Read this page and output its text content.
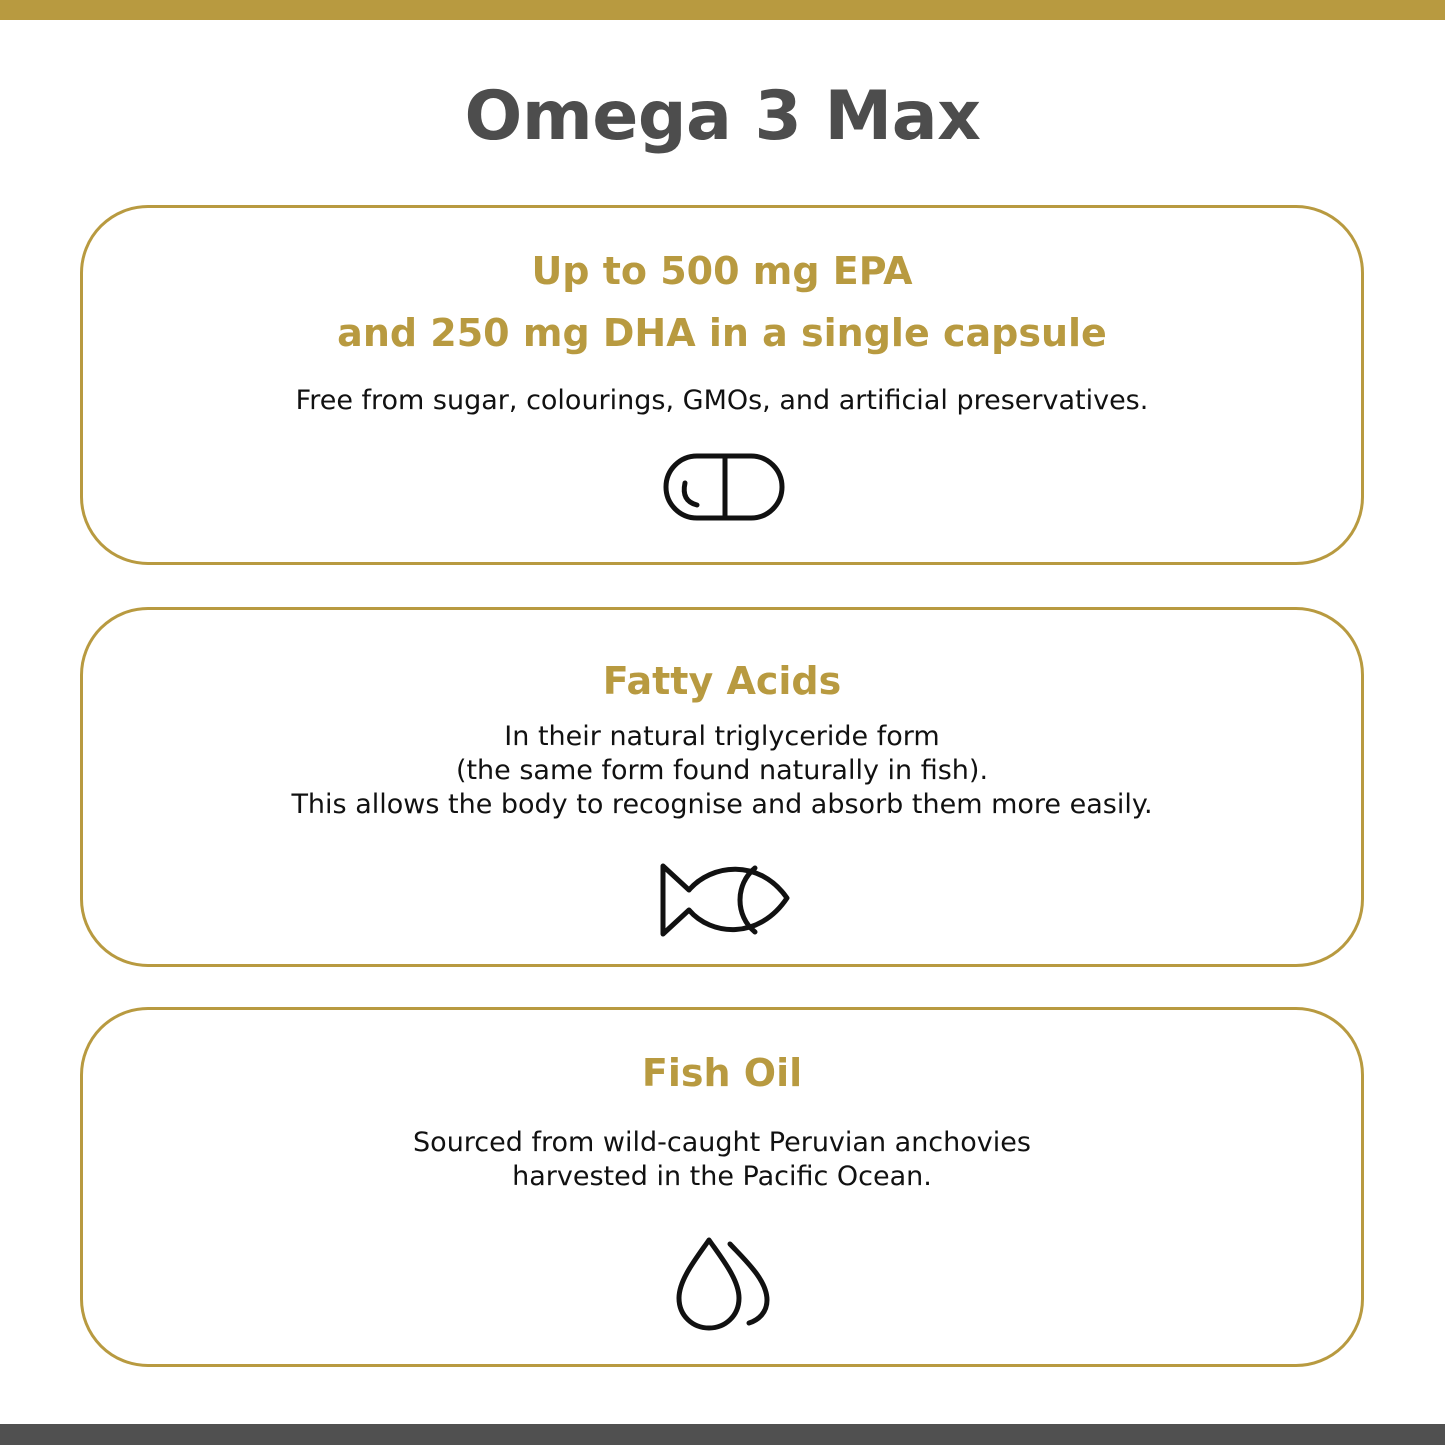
Omega 3 Max
Up to 500 mg EPA
and 250 mg DHA in a single capsule
Free from sugar, colourings, GMOs, and artificial preservatives.
Fatty Acids
In their natural triglyceride form
(the same form found naturally in fish).
This allows the body to recognise and absorb them more easily.
Fish Oil
Sourced from wild-caught Peruvian anchovies
harvested in the Pacific Ocean.
